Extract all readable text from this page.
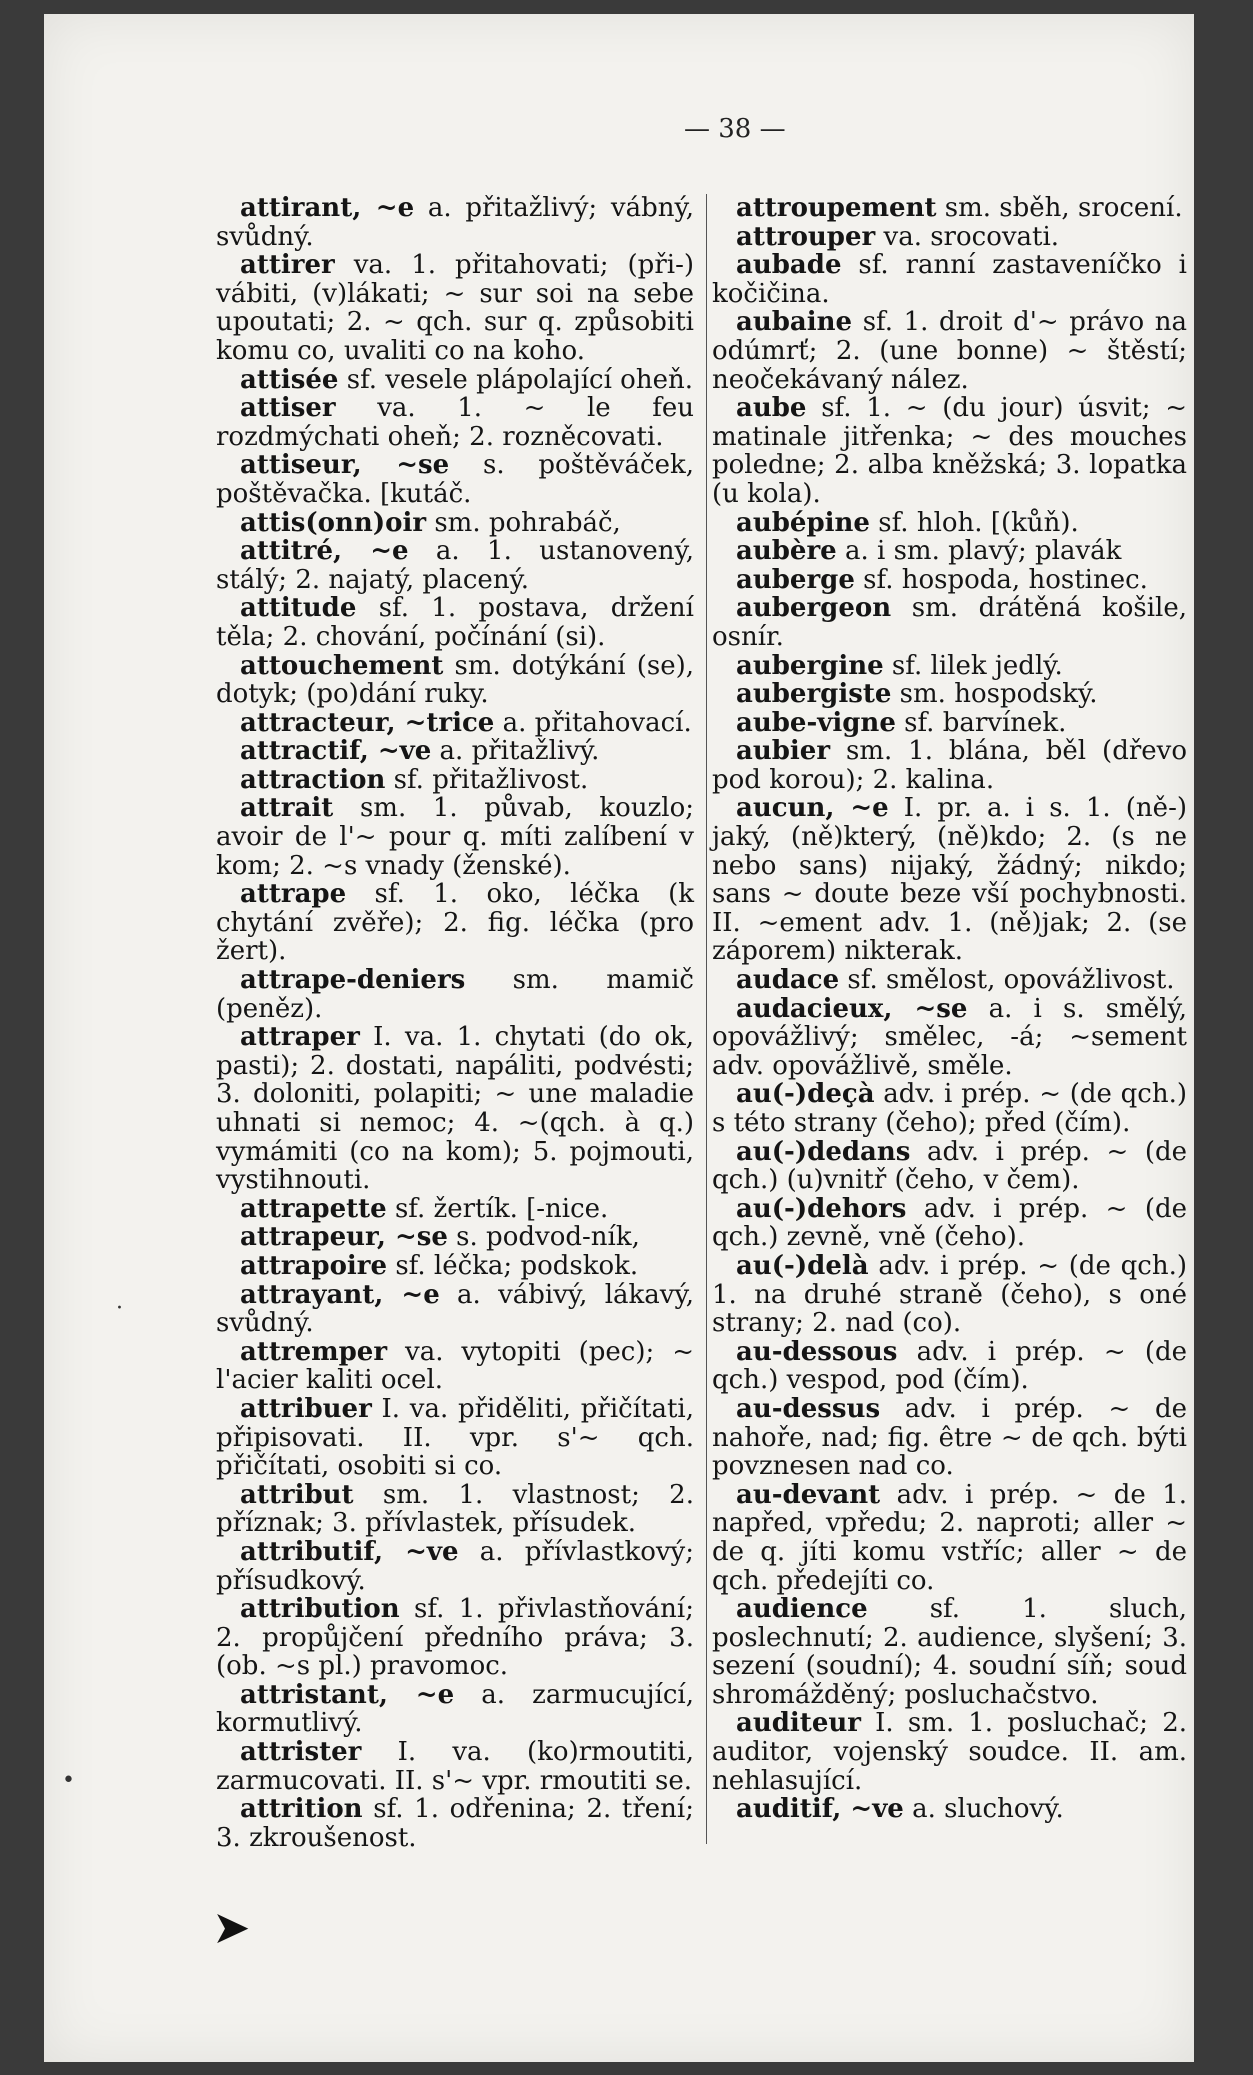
— 38 —

attirant, ~e a. přitažlivý; vábný, svůdný.

attirer va. 1. přitahovati; (při-) vábiti, (v)lákati; ~ sur soi na sebe upoutati; 2. ~ qch. sur q. způsobiti komu co, uvaliti co na koho.

attisée sf. vesele plápolající oheň.

attiser va. 1. ~ le feu rozdmýchati oheň; 2. rozněcovati.

attiseur, ~se s. poštěváček, poštěvačka. [kutáč.

attis(onn)oir sm. pohrabáč,

attitré, ~e a. 1. ustanovený, stálý; 2. najatý, placený.

attitude sf. 1. postava, držení těla; 2. chování, počínání (si).

attouchement sm. dotýkání (se), dotyk; (po)dání ruky.

attracteur, ~trice a. přitahovací.

attractif, ~ve a. přitažlivý.

attraction sf. přitažlivost.

attrait sm. 1. půvab, kouzlo; avoir de l'~ pour q. míti zalíbení v kom; 2. ~s vnady (ženské).

attrape sf. 1. oko, léčka (k chytání zvěře); 2. fig. léčka (pro žert).

attrape-deniers sm. mamič (peněz).

attraper I. va. 1. chytati (do ok, pasti); 2. dostati, napáliti, podvésti; 3. doloniti, polapiti; ~ une maladie uhnati si nemoc; 4. ~(qch. à q.) vymámiti (co na kom); 5. pojmouti, vystihnouti.

attrapette sf. žertík. [-nice.

attrapeur, ~se s. podvod-ník,

attrapoire sf. léčka; podskok.

attrayant, ~e a. vábivý, lákavý, svůdný.

attremper va. vytopiti (pec); ~ l'acier kaliti ocel.

attribuer I. va. přiděliti, přičítati, připisovati. II. vpr. s'~ qch. přičítati, osobiti si co.

attribut sm. 1. vlastnost; 2. příznak; 3. přívlastek, přísudek.

attributif, ~ve a. přívlastkový; přísudkový.

attribution sf. 1. přivlastňování; 2. propůjčení předního práva; 3. (ob. ~s pl.) pravomoc.

attristant, ~e a. zarmucující, kormutlivý.

attrister I. va. (ko)rmoutiti, zarmucovati. II. s'~ vpr. rmoutiti se.

attrition sf. 1. odřenina; 2. tření; 3. zkroušenost.

attroupement sm. sběh, srocení.

attrouper va. srocovati.

aubade sf. ranní zastaveníčko i kočičina.

aubaine sf. 1. droit d'~ právo na odúmrť; 2. (une bonne) ~ štěstí; neočekávaný nález.

aube sf. 1. ~ (du jour) úsvit; ~ matinale jitřenka; ~ des mouches poledne; 2. alba kněžská; 3. lopatka (u kola).

aubépine sf. hloh. [(kůň).

aubère a. i sm. plavý; plavák

auberge sf. hospoda, hostinec.

aubergeon sm. drátěná košile, osnír.

aubergine sf. lilek jedlý.

aubergiste sm. hospodský.

aube-vigne sf. barvínek.

aubier sm. 1. blána, běl (dřevo pod korou); 2. kalina.

aucun, ~e I. pr. a. i s. 1. (ně-) jaký, (ně)který, (ně)kdo; 2. (s ne nebo sans) nijaký, žádný; nikdo; sans ~ doute beze vší pochybnosti. II. ~ement adv. 1. (ně)jak; 2. (se záporem) nikterak.

audace sf. smělost, opovážlivost.

audacieux, ~se a. i s. smělý, opovážlivý; smělec, -á; ~sement adv. opovážlivě, směle.

au(-)deçà adv. i prép. ~ (de qch.) s této strany (čeho); před (čím).

au(-)dedans adv. i prép. ~ (de qch.) (u)vnitř (čeho, v čem).

au(-)dehors adv. i prép. ~ (de qch.) zevně, vně (čeho).

au(-)delà adv. i prép. ~ (de qch.) 1. na druhé straně (čeho), s oné strany; 2. nad (co).

au-dessous adv. i prép. ~ (de qch.) vespod, pod (čím).

au-dessus adv. i prép. ~ de nahoře, nad; fig. être ~ de qch. býti povznesen nad co.

au-devant adv. i prép. ~ de 1. napřed, vpředu; 2. naproti; aller ~ de q. jíti komu vstříc; aller ~ de qch. předejíti co.

audience sf. 1. sluch, poslechnutí; 2. audience, slyšení; 3. sezení (soudní); 4. soudní síň; soud shromážděný; posluchačstvo.

auditeur I. sm. 1. posluchač; 2. auditor, vojenský soudce. II. am. nehlasující.

auditif, ~ve a. sluchový.

➤
·
•
